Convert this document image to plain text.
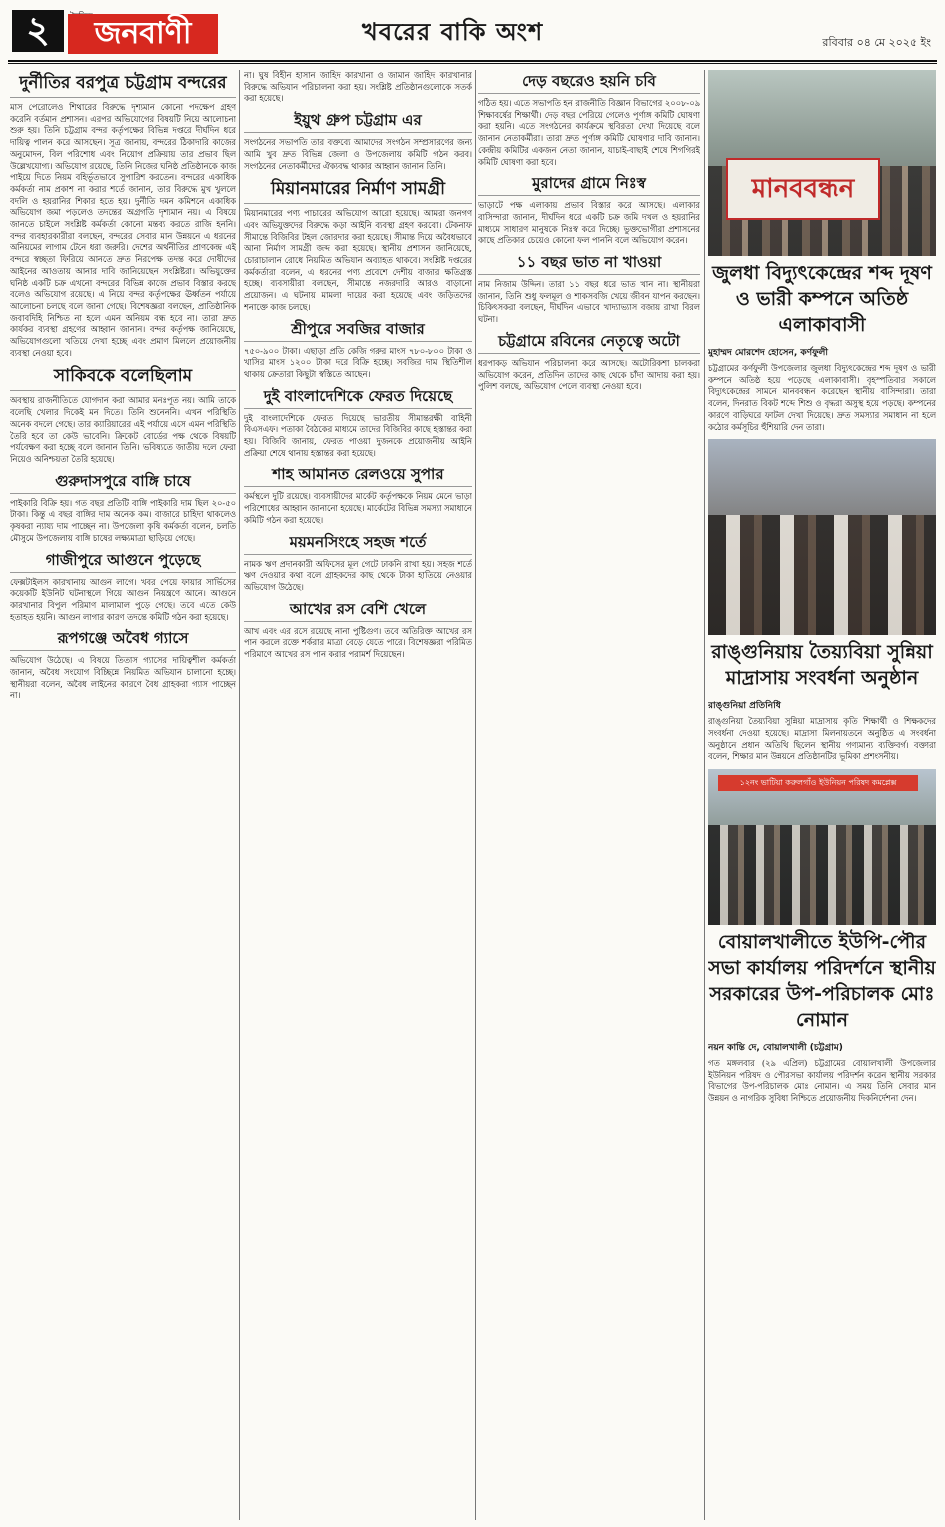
২	জনবাণী	খবরের বাকি অংশ	রবিবার ০৪ মে ২০২৫ ইং
দুর্নীতির বরপুত্র চট্টগ্রাম বন্দরের

মাস পেরোলেও শিথারের বিরুদ্ধে দৃশ্যমান কোনো পদক্ষেপ গ্রহণ করেনি বর্তমান প্রশাসন। এরপর অভিযোগের বিষয়টি নিয়ে আলোচনা শুরু হয়। তিনি চট্টগ্রাম বন্দর কর্তৃপক্ষের বিভিন্ন দপ্তরে দীর্ঘদিন ধরে দায়িত্ব পালন করে আসছেন। সূত্র জানায়, বন্দরের ঠিকাদারি কাজের অনুমোদন, বিল পরিশোধ এবং নিয়োগ প্রক্রিয়ায় তার প্রভাব ছিল উল্লেখযোগ্য। অভিযোগ রয়েছে, তিনি নিজের ঘনিষ্ঠ প্রতিষ্ঠানকে কাজ পাইয়ে দিতে নিয়ম বহির্ভূতভাবে সুপারিশ করতেন। বন্দরের একাধিক কর্মকর্তা নাম প্রকাশ না করার শর্তে জানান, তার বিরুদ্ধে মুখ খুললে বদলি ও হয়রানির শিকার হতে হয়। দুর্নীতি দমন কমিশনে একাধিক অভিযোগ জমা পড়লেও তদন্তের অগ্রগতি দৃশ্যমান নয়। এ বিষয়ে জানতে চাইলে সংশ্লিষ্ট কর্মকর্তা কোনো মন্তব্য করতে রাজি হননি। বন্দর ব্যবহারকারীরা বলছেন, বন্দরের সেবার মান উন্নয়নে এ ধরনের অনিয়মের লাগাম টেনে ধরা জরুরি। দেশের অর্থনীতির প্রাণকেন্দ্র এই বন্দরে স্বচ্ছতা ফিরিয়ে আনতে দ্রুত নিরপেক্ষ তদন্ত করে দোষীদের আইনের আওতায় আনার দাবি জানিয়েছেন সংশ্লিষ্টরা। অভিযুক্তের ঘনিষ্ঠ একটি চক্র এখনো বন্দরের বিভিন্ন কাজে প্রভাব বিস্তার করছে বলেও অভিযোগ রয়েছে। এ নিয়ে বন্দর কর্তৃপক্ষের ঊর্ধ্বতন পর্যায়ে আলোচনা চলছে বলে জানা গেছে। বিশেষজ্ঞরা বলছেন, প্রাতিষ্ঠানিক জবাবদিহি নিশ্চিত না হলে এমন অনিয়ম বন্ধ হবে না। তারা দ্রুত কার্যকর ব্যবস্থা গ্রহণের আহ্বান জানান। বন্দর কর্তৃপক্ষ জানিয়েছে, অভিযোগগুলো খতিয়ে দেখা হচ্ছে এবং প্রমাণ মিললে প্রয়োজনীয় ব্যবস্থা নেওয়া হবে।

সাকিবকে বলেছিলাম

অবস্থায় রাজনীতিতে যোগদান করা আমার মনঃপূত নয়। আমি তাকে বলেছি খেলার দিকেই মন দিতে। তিনি শুনেননি। এখন পরিস্থিতি অনেক বদলে গেছে। তার ক্যারিয়ারের এই পর্যায়ে এসে এমন পরিস্থিতি তৈরি হবে তা কেউ ভাবেনি। ক্রিকেট বোর্ডের পক্ষ থেকে বিষয়টি পর্যবেক্ষণ করা হচ্ছে বলে জানান তিনি। ভবিষ্যতে জাতীয় দলে ফেরা নিয়েও অনিশ্চয়তা তৈরি হয়েছে।

গুরুদাসপুরে বাঙ্গি চাষে

পাইকারি বিক্রি হয়। গত বছর প্রতিটি বাঙ্গি পাইকারি দাম ছিল ২০-৫০ টাকা। কিন্তু এ বছর বাঙ্গির দাম অনেক কম। বাজারে চাহিদা থাকলেও কৃষকরা ন্যায্য দাম পাচ্ছেন না। উপজেলা কৃষি কর্মকর্তা বলেন, চলতি মৌসুমে উপজেলায় বাঙ্গি চাষের লক্ষ্যমাত্রা ছাড়িয়ে গেছে।

গাজীপুরে আগুনে পুড়েছে

ফেক্সটাইলস কারখানায় আগুন লাগে। খবর পেয়ে ফায়ার সার্ভিসের কয়েকটি ইউনিট ঘটনাস্থলে গিয়ে আগুন নিয়ন্ত্রণে আনে। আগুনে কারখানার বিপুল পরিমাণ মালামাল পুড়ে গেছে। তবে এতে কেউ হতাহত হয়নি। আগুন লাগার কারণ তদন্তে কমিটি গঠন করা হয়েছে।

রূপগঞ্জে অবৈধ গ্যাসে

অভিযোগ উঠেছে। এ বিষয়ে তিতাস গ্যাসের দায়িত্বশীল কর্মকর্তা জানান, অবৈধ সংযোগ বিচ্ছিন্নে নিয়মিত অভিযান চালানো হচ্ছে। স্থানীয়রা বলেন, অবৈধ লাইনের কারণে বৈধ গ্রাহকরা গ্যাস পাচ্ছেন না।

না। ঘুষ বিহীন হাসান জাহিদ কারখানা ও জামান জাহিদ কারখানার বিরুদ্ধে অভিযান পরিচালনা করা হয়। সংশ্লিষ্ট প্রতিষ্ঠানগুলোকে সতর্ক করা হয়েছে।

ইয়ুথ গ্রুপ চট্টগ্রাম এর

সংগঠনের সভাপতি তার বক্তব্যে আমাদের সংগঠন সম্প্রসারণের জন্য আমি খুব দ্রুত বিভিন্ন জেলা ও উপজেলায় কমিটি গঠন করব। সংগঠনের নেতাকর্মীদের ঐক্যবদ্ধ থাকার আহ্বান জানান তিনি।

মিয়ানমারের নির্মাণ সামগ্রী

মিয়ানমারের পণ্য পাচারের অভিযোগ আরো হয়েছে। আমরা জনগণ এবং অভিযুক্তদের বিরুদ্ধে কড়া আইনি ব্যবস্থা গ্রহণ করবো। টেকনাফ সীমান্তে বিজিবির টহল জোরদার করা হয়েছে। সীমান্ত দিয়ে অবৈধভাবে আনা নির্মাণ সামগ্রী জব্দ করা হয়েছে। স্থানীয় প্রশাসন জানিয়েছে, চোরাচালান রোধে নিয়মিত অভিযান অব্যাহত থাকবে। সংশ্লিষ্ট দপ্তরের কর্মকর্তারা বলেন, এ ধরনের পণ্য প্রবেশে দেশীয় বাজার ক্ষতিগ্রস্ত হচ্ছে। ব্যবসায়ীরা বলছেন, সীমান্তে নজরদারি আরও বাড়ানো প্রয়োজন। এ ঘটনায় মামলা দায়ের করা হয়েছে এবং জড়িতদের শনাক্তে কাজ চলছে।

শ্রীপুরে সবজির বাজার

৭৫০-৯০০ টাকা। এছাড়া প্রতি কেজি গরুর মাংস ৭৮০-৮০০ টাকা ও খাসির মাংস ১২০০ টাকা দরে বিক্রি হচ্ছে। সবজির দাম স্থিতিশীল থাকায় ক্রেতারা কিছুটা স্বস্তিতে আছেন।

দুই বাংলাদেশিকে ফেরত দিয়েছে

দুই বাংলাদেশিকে ফেরত দিয়েছে ভারতীয় সীমান্তরক্ষী বাহিনী বিএসএফ। পতাকা বৈঠকের মাধ্যমে তাদের বিজিবির কাছে হস্তান্তর করা হয়। বিজিবি জানায়, ফেরত পাওয়া দুজনকে প্রয়োজনীয় আইনি প্রক্রিয়া শেষে থানায় হস্তান্তর করা হয়েছে।

শাহ আমানত রেলওয়ে সুপার

কর্মস্থলে দুটি রয়েছে। ব্যবসায়ীদের মার্কেট কর্তৃপক্ষকে নিয়ম মেনে ভাড়া পরিশোধের আহ্বান জানানো হয়েছে। মার্কেটের বিভিন্ন সমস্যা সমাধানে কমিটি গঠন করা হয়েছে।

ময়মনসিংহে সহজ শর্তে

নামক ঋণ প্রদানকারী অফিসের মূল গেটে ঢাকনি রাখা হয়। সহজ শর্তে ঋণ দেওয়ার কথা বলে গ্রাহকদের কাছ থেকে টাকা হাতিয়ে নেওয়ার অভিযোগ উঠেছে।

আখের রস বেশি খেলে

আখ এবং এর রসে রয়েছে নানা পুষ্টিগুণ। তবে অতিরিক্ত আখের রস পান করলে রক্তে শর্করার মাত্রা বেড়ে যেতে পারে। বিশেষজ্ঞরা পরিমিত পরিমাণে আখের রস পান করার পরামর্শ দিয়েছেন।

দেড় বছরেও হয়নি চবি

গঠিত হয়। এতে সভাপতি হন রাজনীতি বিজ্ঞান বিভাগের ২০০৮-০৯ শিক্ষাবর্ষের শিক্ষার্থী। দেড় বছর পেরিয়ে গেলেও পূর্ণাঙ্গ কমিটি ঘোষণা করা হয়নি। এতে সংগঠনের কার্যক্রমে স্থবিরতা দেখা দিয়েছে বলে জানান নেতাকর্মীরা। তারা দ্রুত পূর্ণাঙ্গ কমিটি ঘোষণার দাবি জানান। কেন্দ্রীয় কমিটির একজন নেতা জানান, যাচাই-বাছাই শেষে শিগগিরই কমিটি ঘোষণা করা হবে।

মুরাদের গ্রামে নিঃস্ব

ভাড়াটে পক্ষ এলাকায় প্রভাব বিস্তার করে আসছে। এলাকার বাসিন্দারা জানান, দীর্ঘদিন ধরে একটি চক্র জমি দখল ও হয়রানির মাধ্যমে সাধারণ মানুষকে নিঃস্ব করে দিচ্ছে। ভুক্তভোগীরা প্রশাসনের কাছে প্রতিকার চেয়েও কোনো ফল পাননি বলে অভিযোগ করেন।

১১ বছর ভাত না খাওয়া

নাম নিজাম উদ্দিন। তারা ১১ বছর ধরে ভাত খান না। স্থানীয়রা জানান, তিনি শুধু ফলমূল ও শাকসবজি খেয়ে জীবন যাপন করছেন। চিকিৎসকরা বলছেন, দীর্ঘদিন এভাবে খাদ্যাভ্যাস বজায় রাখা বিরল ঘটনা।

চট্টগ্রামে রবিনের নেতৃত্বে অটো

ধরপাকড় অভিযান পরিচালনা করে আসছে। অটোরিকশা চালকরা অভিযোগ করেন, প্রতিদিন তাদের কাছ থেকে চাঁদা আদায় করা হয়। পুলিশ বলছে, অভিযোগ পেলে ব্যবস্থা নেওয়া হবে।

মানববন্ধন
জুলধা বিদ্যুৎকেন্দ্রের শব্দ দূষণ ও ভারী কম্পনে অতিষ্ঠ এলাকাবাসী
মুহাম্মদ মোরশেদ হোসেন, কর্ণফুলী

চট্টগ্রামের কর্ণফুলী উপজেলার জুলধা বিদ্যুৎকেন্দ্রের শব্দ দূষণ ও ভারী কম্পনে অতিষ্ঠ হয়ে পড়েছে এলাকাবাসী। বৃহস্পতিবার সকালে বিদ্যুৎকেন্দ্রের সামনে মানববন্ধন করেছেন স্থানীয় বাসিন্দারা। তারা বলেন, দিনরাত বিকট শব্দে শিশু ও বৃদ্ধরা অসুস্থ হয়ে পড়ছে। কম্পনের কারণে বাড়িঘরে ফাটল দেখা দিয়েছে। দ্রুত সমস্যার সমাধান না হলে কঠোর কর্মসূচির হুঁশিয়ারি দেন তারা।

রাঙ্গুনিয়ায় তৈয়্যবিয়া সুন্নিয়া মাদ্রাসায় সংবর্ধনা অনুষ্ঠান
রাঙ্গুনিয়া প্রতিনিধি

রাঙ্গুনিয়া তৈয়্যবিয়া সুন্নিয়া মাদ্রাসায় কৃতি শিক্ষার্থী ও শিক্ষকদের সংবর্ধনা দেওয়া হয়েছে। মাদ্রাসা মিলনায়তনে অনুষ্ঠিত এ সংবর্ধনা অনুষ্ঠানে প্রধান অতিথি ছিলেন স্থানীয় গণ্যমান্য ব্যক্তিবর্গ। বক্তারা বলেন, শিক্ষার মান উন্নয়নে প্রতিষ্ঠানটির ভূমিকা প্রশংসনীয়।

১২নং ভাটিয়া করুলগাঁও ইউনিয়ন পরিষদ কমপ্লেক্স
বোয়ালখালীতে ইউপি-পৌর সভা কার্যালয় পরিদর্শনে স্থানীয় সরকারের উপ-পরিচালক মোঃ নোমান
নয়ন কান্তি দে, বোয়ালখালী (চট্টগ্রাম)

গত মঙ্গলবার (২৯ এপ্রিল) চট্টগ্রামের বোয়ালখালী উপজেলার ইউনিয়ন পরিষদ ও পৌরসভা কার্যালয় পরিদর্শন করেন স্থানীয় সরকার বিভাগের উপ-পরিচালক মোঃ নোমান। এ সময় তিনি সেবার মান উন্নয়ন ও নাগরিক সুবিধা নিশ্চিতে প্রয়োজনীয় দিকনির্দেশনা দেন।
